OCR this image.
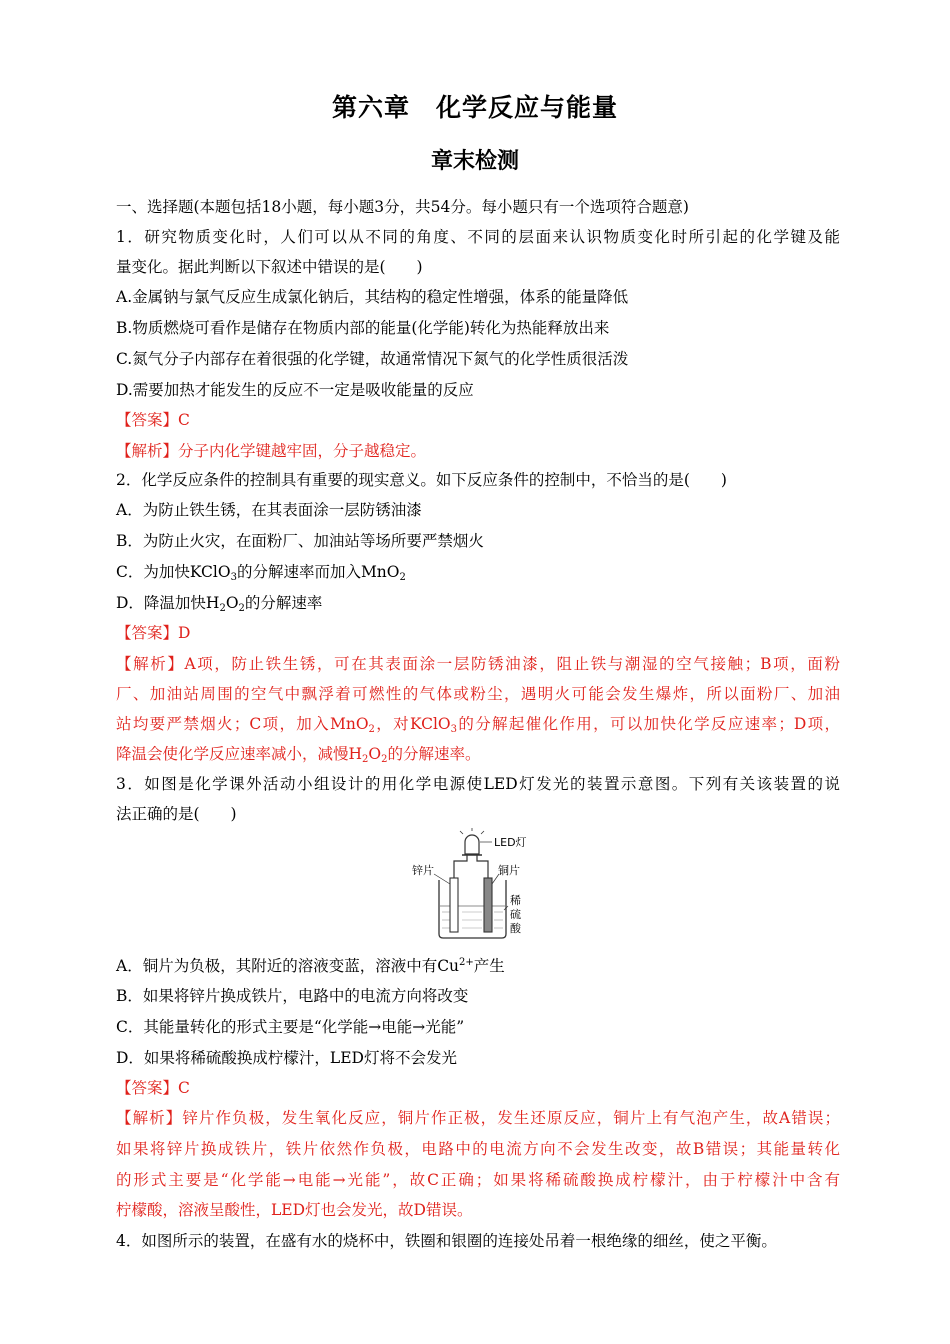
第六章　化学反应与能量
章末检测
一、选择题(本题包括18小题，每小题3分，共54分。每小题只有一个选项符合题意)
1．研究物质变化时，人们可以从不同的角度、不同的层面来认识物质变化时所引起的化学键及能
量变化。据此判断以下叙述中错误的是(　　)
A.金属钠与氯气反应生成氯化钠后，其结构的稳定性增强，体系的能量降低
B.物质燃烧可看作是储存在物质内部的能量(化学能)转化为热能释放出来
C.氮气分子内部存在着很强的化学键，故通常情况下氮气的化学性质很活泼
D.需要加热才能发生的反应不一定是吸收能量的反应
【答案】C
【解析】分子内化学键越牢固，分子越稳定。
2．化学反应条件的控制具有重要的现实意义。如下反应条件的控制中，不恰当的是(　　)
A．为防止铁生锈，在其表面涂一层防锈油漆
B．为防止火灾，在面粉厂、加油站等场所要严禁烟火
C．为加快KClO$_3$的分解速率而加入MnO$_2$
D．降温加快$H_2O_2$的分解速率
【答案】D
【解析】A项，防止铁生锈，可在其表面涂一层防锈油漆，阻止铁与潮湿的空气接触；B项，面粉
厂、加油站周围的空气中飘浮着可燃性的气体或粉尘，遇明火可能会发生爆炸，所以面粉厂、加油
站均要严禁烟火；C项，加入MnO$_2$，对KClO$_3$的分解起催化作用，可以加快化学反应速率；D项，
降温会使化学反应速率减小，减慢$H_2O_2$的分解速率。
3．如图是化学课外活动小组设计的用化学电源使LED灯发光的装置示意图。下列有关该装置的说
法正确的是(　　)
LED灯
锌片	铜片
稀
硫
酸
A．铜片为负极，其附近的溶液变蓝，溶液中有$Cu^{2+}$产生
B．如果将锌片换成铁片，电路中的电流方向将改变
C．其能量转化的形式主要是“化学能→电能→光能”
D．如果将稀硫酸换成柠檬汁，LED灯将不会发光
【答案】C
【解析】锌片作负极，发生氧化反应，铜片作正极，发生还原反应，铜片上有气泡产生，故A错误；
如果将锌片换成铁片，铁片依然作负极，电路中的电流方向不会发生改变，故B错误；其能量转化
的形式主要是“化学能→电能→光能”，故C正确；如果将稀硫酸换成柠檬汁，由于柠檬汁中含有
柠檬酸，溶液呈酸性，LED灯也会发光，故D错误。
4．如图所示的装置，在盛有水的烧杯中，铁圈和银圈的连接处吊着一根绝缘的细丝，使之平衡。
